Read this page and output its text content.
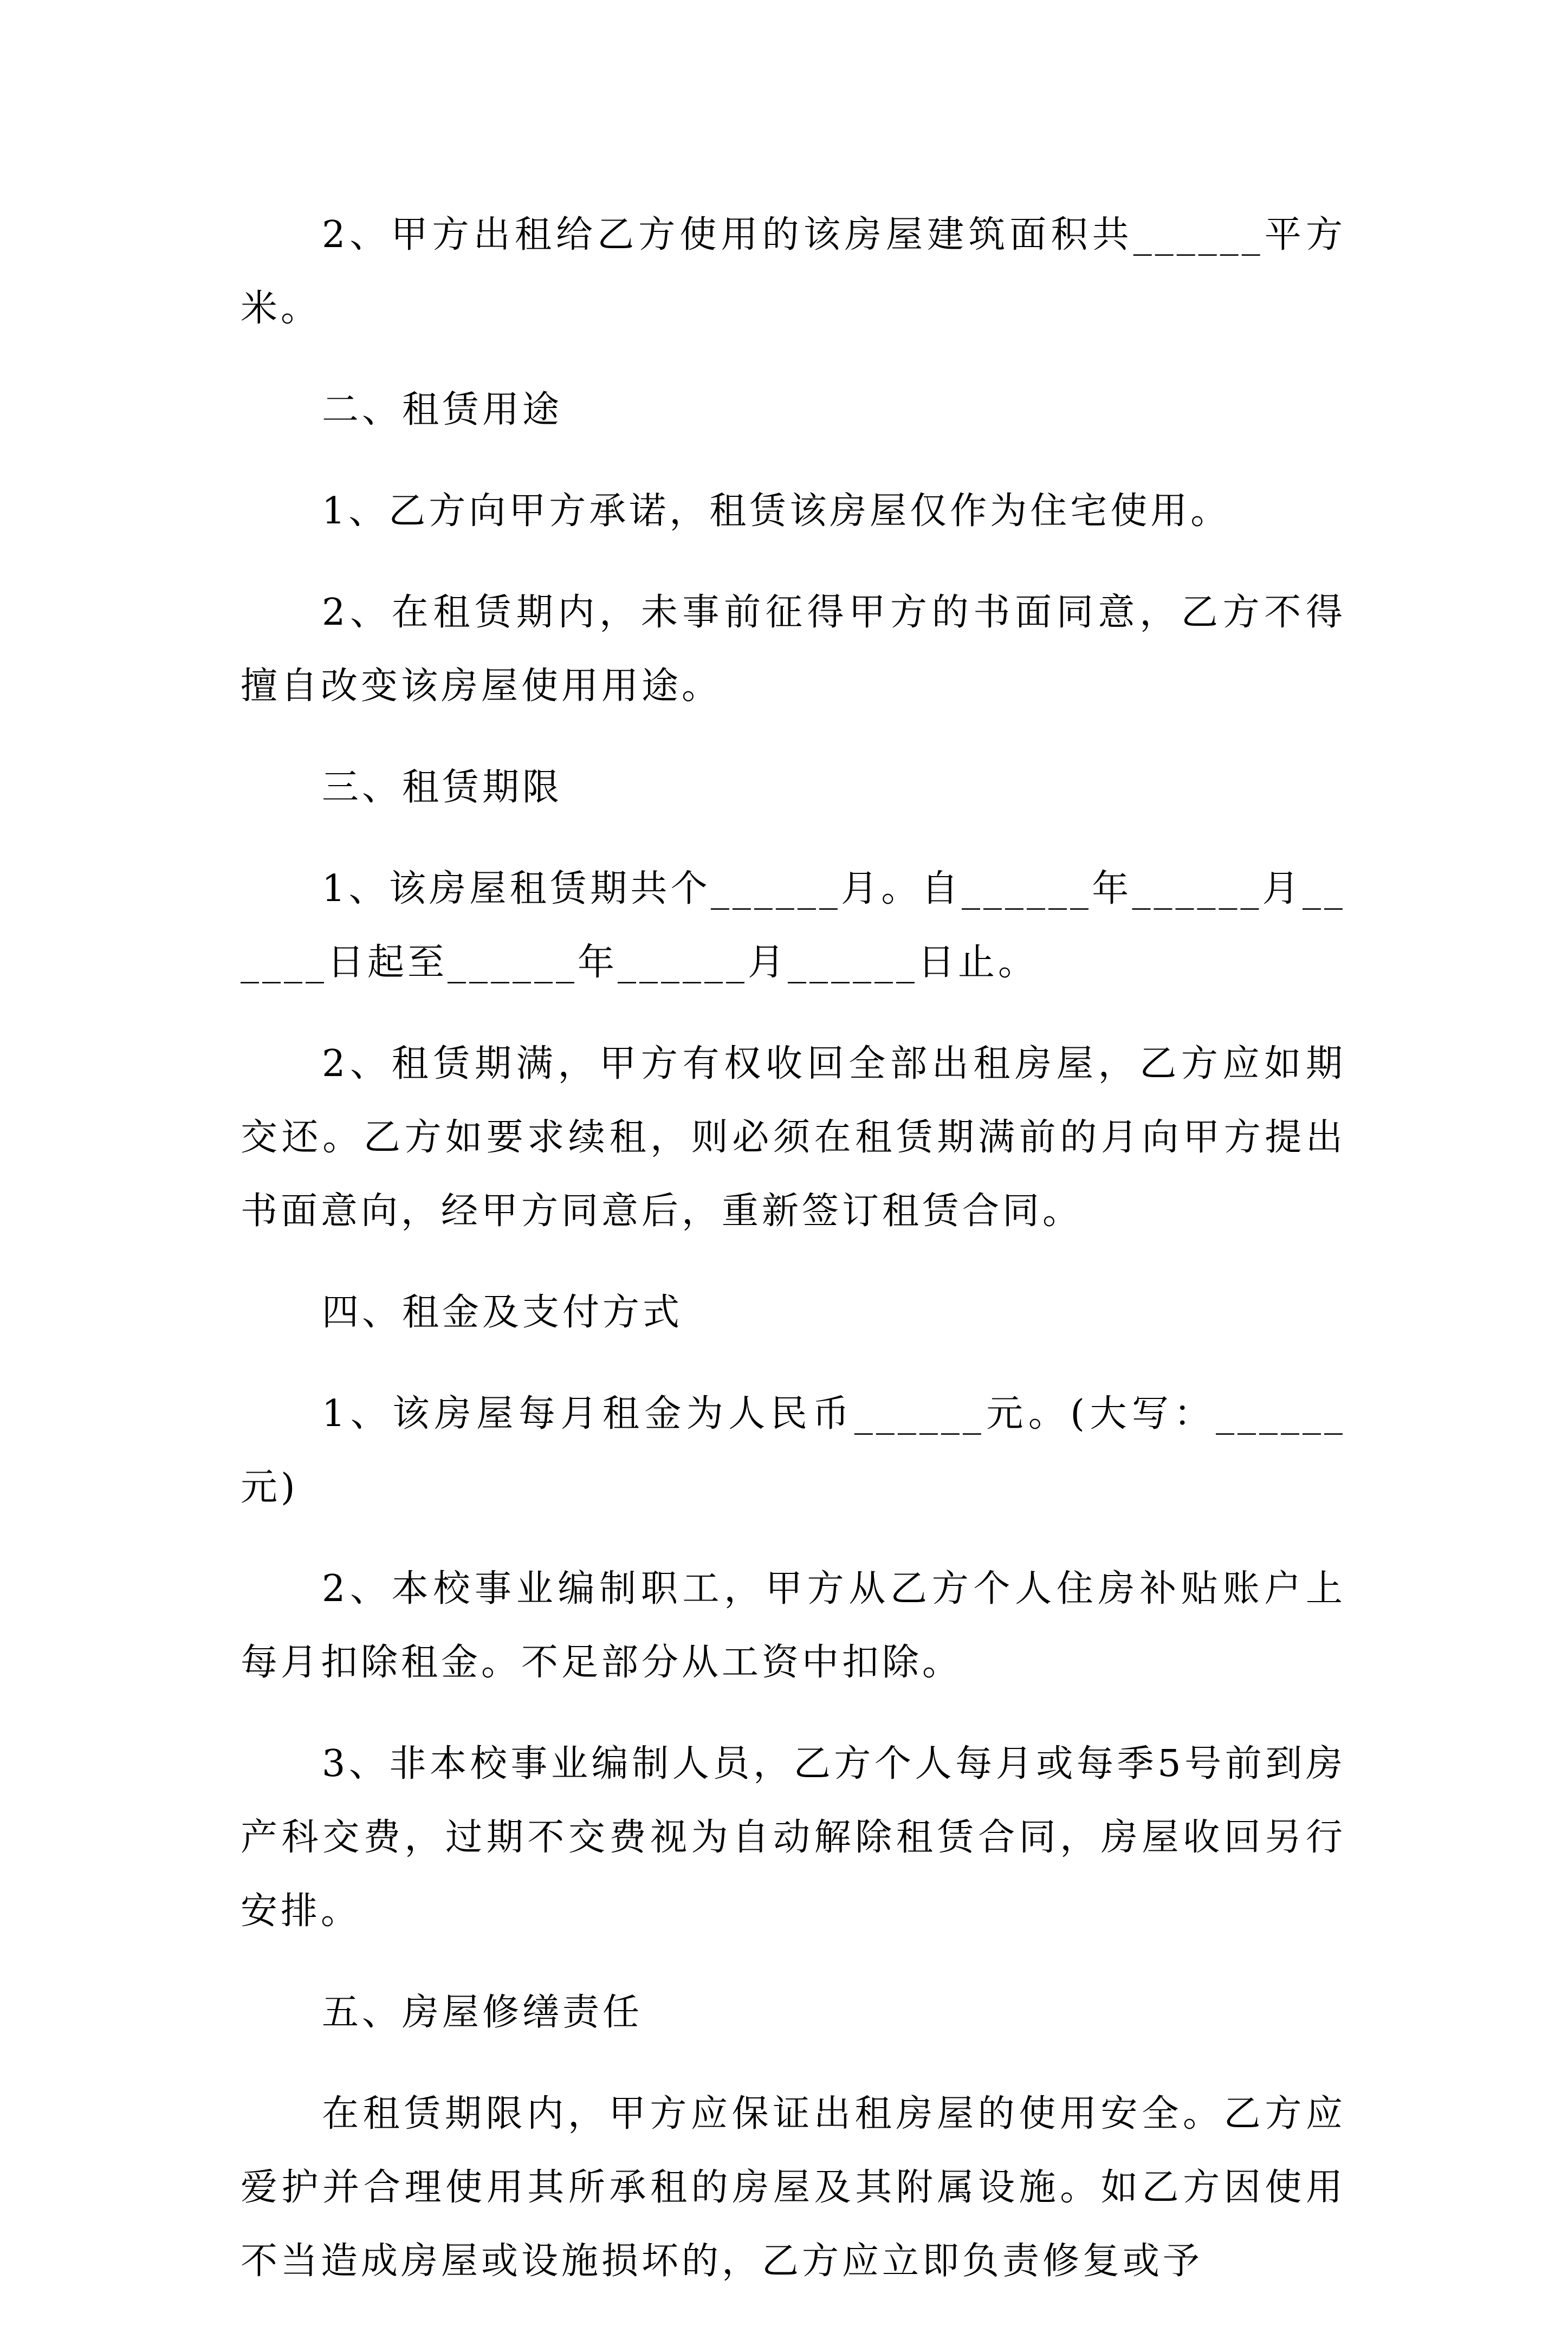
2、甲方出租给乙方使用的该房屋建筑面积共______平方米。

二、租赁用途

1、乙方向甲方承诺，租赁该房屋仅作为住宅使用。

2、在租赁期内，未事前征得甲方的书面同意，乙方不得擅自改变该房屋使用用途。

三、租赁期限

1、该房屋租赁期共个______月。自______年______月______日起至______年______月______日止。

2、租赁期满，甲方有权收回全部出租房屋，乙方应如期交还。乙方如要求续租，则必须在租赁期满前的月向甲方提出书面意向，经甲方同意后，重新签订租赁合同。

四、租金及支付方式

1、该房屋每月租金为人民币______元。(大写：______元)

2、本校事业编制职工，甲方从乙方个人住房补贴账户上每月扣除租金。不足部分从工资中扣除。

3、非本校事业编制人员，乙方个人每月或每季5号前到房产科交费，过期不交费视为自动解除租赁合同，房屋收回另行安排。

五、房屋修缮责任

在租赁期限内，甲方应保证出租房屋的使用安全。乙方应爱护并合理使用其所承租的房屋及其附属设施。如乙方因使用不当造成房屋或设施损坏的，乙方应立即负责修复或予
